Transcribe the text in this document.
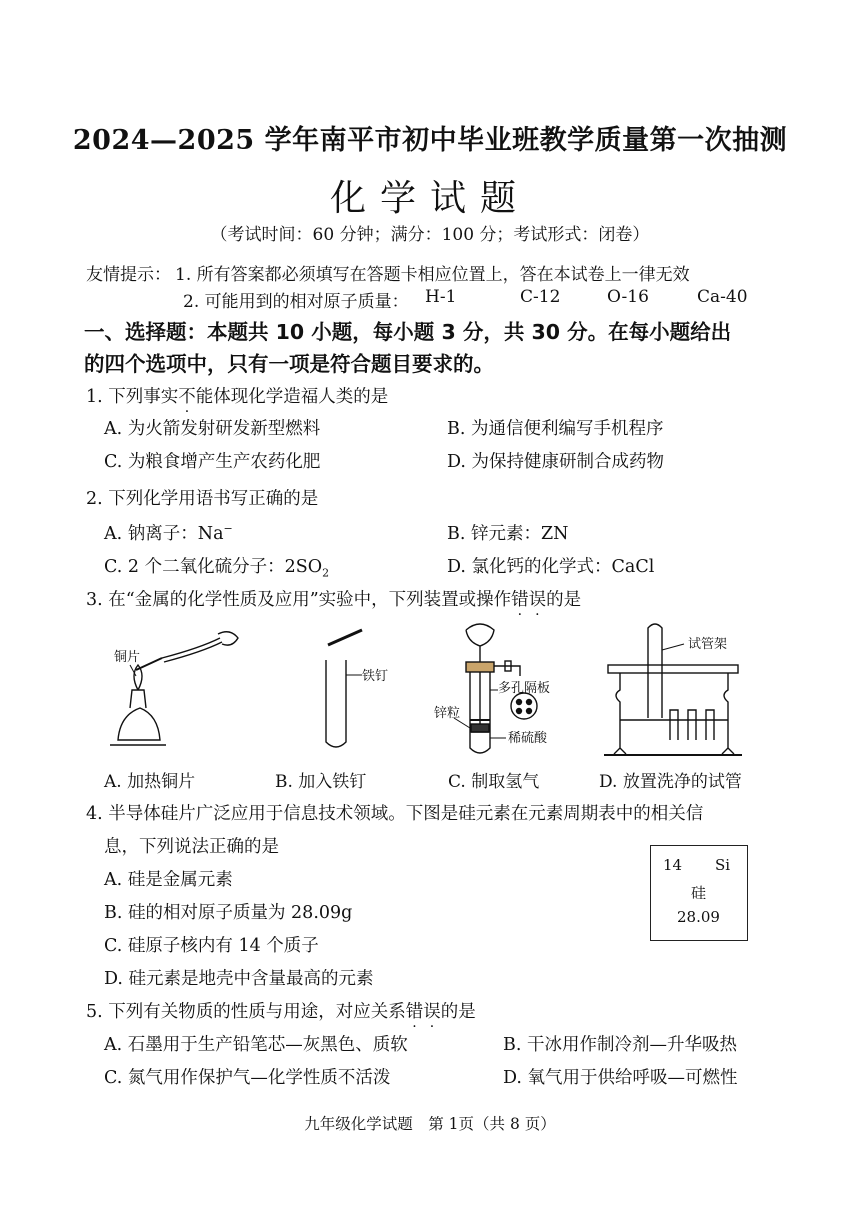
2024—2025 学年南平市初中毕业班教学质量第一次抽测
化学试题
（考试时间：60 分钟；满分：100 分；考试形式：闭卷）
友情提示： 1. 所有答案都必须填写在答题卡相应位置上，答在本试卷上一律无效
2. 可能用到的相对原子质量： H-1	C-12	O-16	Ca-40
一、选择题：本题共 10 小题，每小题 3 分，共 30 分。在每小题给出
的四个选项中，只有一项是符合题目要求的。
1. 下列事实不能体现化学造福人类的是
A. 为火箭发射研发新型燃料	B. 为通信便利编写手机程序
C. 为粮食增产生产农药化肥	D. 为保持健康研制合成药物
2. 下列化学用语书写正确的是
A. 钠离子：Na−	B. 锌元素：ZN
C. 2 个二氧化硫分子：$2SO_2$	D. 氯化钙的化学式：CaCl
3. 在“金属的化学性质及应用”实验中，下列装置或操作错误的是
铜片
铁钉
多孔隔板
锌粒
稀硫酸
试管架
A. 加热铜片	B. 加入铁钉	C. 制取氢气	D. 放置洗净的试管
4. 半导体硅片广泛应用于信息技术领域。下图是硅元素在元素周期表中的相关信
息，下列说法正确的是
A. 硅是金属元素
B. 硅的相对原子质量为 28.09g
C. 硅原子核内有 14 个质子
D. 硅元素是地壳中含量最高的元素
14 Si
硅
28.09
5. 下列有关物质的性质与用途，对应关系错误的是
A. 石墨用于生产铅笔芯—灰黑色、质软	B. 干冰用作制冷剂—升华吸热
C. 氮气用作保护气—化学性质不活泼	D. 氧气用于供给呼吸—可燃性
九年级化学试题　第 1页（共 8 页）
